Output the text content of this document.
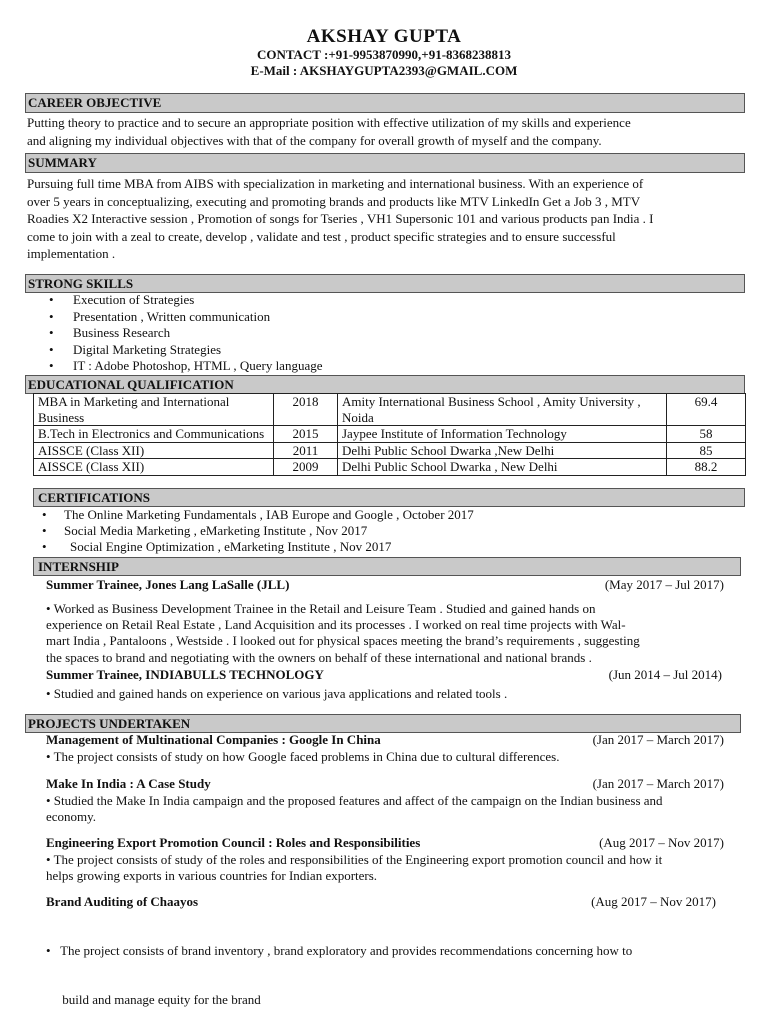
AKSHAY GUPTA
CONTACT :+91-9953870990,+91-8368238813
E-Mail : AKSHAYGUPTA2393@GMAIL.COM
CAREER OBJECTIVE
Putting theory to practice and to secure an appropriate position with effective utilization of my skills and experience
and aligning my individual objectives with that of the company for overall growth of myself and the company.
SUMMARY
Pursuing full time MBA from AIBS with specialization in marketing and international business. With an experience of
over 5 years in conceptualizing, executing and promoting brands and products like MTV LinkedIn Get a Job 3 , MTV
Roadies X2 Interactive session , Promotion of songs for Tseries , VH1 Supersonic 101 and various products pan India . I
come to join with a zeal to create, develop , validate and test , product specific strategies and to ensure successful
implementation .
STRONG SKILLS
• Execution of Strategies
• Presentation , Written communication
• Business Research
• Digital Marketing Strategies
• IT : Adobe Photoshop, HTML , Query language
EDUCATIONAL QUALIFICATION
MBA in Marketing and International Business	2018	Amity International Business School , Amity University , Noida	69.4
B.Tech in Electronics and Communications	2015	Jaypee Institute of Information Technology	58
AISSCE (Class XII)	2011	Delhi Public School Dwarka ,New Delhi	85
AISSCE (Class XII)	2009	Delhi Public School Dwarka , New Delhi	88.2
CERTIFICATIONS
• The Online Marketing Fundamentals , IAB Europe and Google , October 2017
• Social Media Marketing , eMarketing Institute , Nov 2017
• Social Engine Optimization , eMarketing Institute , Nov 2017
INTERNSHIP
Summer Trainee, Jones Lang LaSalle (JLL)	(May 2017 – Jul 2017)
• Worked as Business Development Trainee in the Retail and Leisure Team . Studied and gained hands on
experience on Retail Real Estate , Land Acquisition and its processes . I worked on real time projects with Wal-
mart India , Pantaloons , Westside . I looked out for physical spaces meeting the brand’s requirements , suggesting
the spaces to brand and negotiating with the owners on behalf of these international and national brands .
Summer Trainee, INDIABULLS TECHNOLOGY	(Jun 2014 – Jul 2014)
• Studied and gained hands on experience on various java applications and related tools .
PROJECTS UNDERTAKEN
Management of Multinational Companies : Google In China	(Jan 2017 – March 2017)
• The project consists of study on how Google faced problems in China due to cultural differences.
Make In India : A Case Study	(Jan 2017 – March 2017)
• Studied the Make In India campaign and the proposed features and affect of the campaign on the Indian business and
economy.
Engineering Export Promotion Council : Roles and Responsibilities	(Aug 2017 – Nov 2017)
• The project consists of study of the roles and responsibilities of the Engineering export promotion council and how it
helps growing exports in various countries for Indian exporters.
Brand Auditing of Chaayos	(Aug 2017 – Nov 2017)

•   The project consists of brand inventory , brand exploratory and provides recommendations concerning how to

build and manage equity for the brand
